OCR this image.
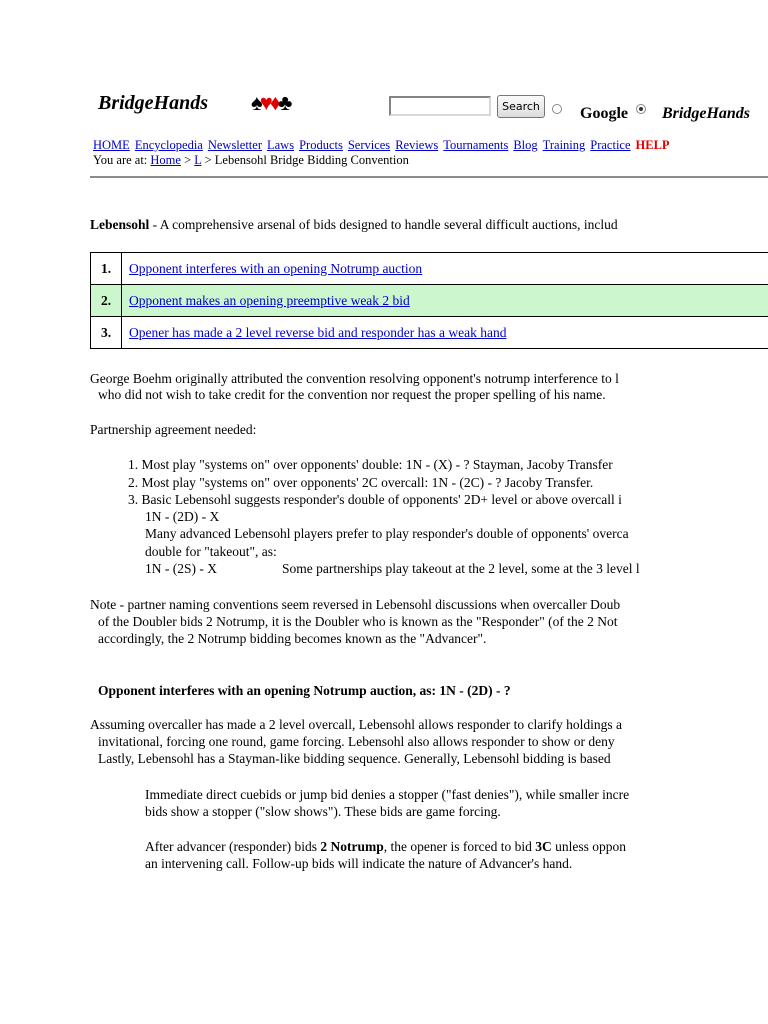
BridgeHands ♠♥♦♣	Search	Google BridgeHands
HOME Encyclopedia Newsletter Laws Products Services Reviews Tournaments Blog Training Practice HELP
You are at: Home > L > Lebensohl Bridge Bidding Convention
Lebensohl - A comprehensive arsenal of bids designed to handle several difficult auctions, includ
1.	Opponent interferes with an opening Notrump auction
2.	Opponent makes an opening preemptive weak 2 bid
3.	Opener has made a 2 level reverse bid and responder has a weak hand
George Boehm originally attributed the convention resolving opponent's notrump interference to l
who did not wish to take credit for the convention nor request the proper spelling of his name.
Partnership agreement needed:
1. Most play "systems on" over opponents' double: 1N - (X) - ? Stayman, Jacoby Transfer
2. Most play "systems on" over opponents' 2C overcall: 1N - (2C) - ? Jacoby Transfer.
3. Basic Lebensohl suggests responder's double of opponents' 2D+ level or above overcall i
1N - (2D) - X
Many advanced Lebensohl players prefer to play responder's double of opponents' overca
double for "takeout", as:
1N - (2S) - X	Some partnerships play takeout at the 2 level, some at the 3 level l
Note - partner naming conventions seem reversed in Lebensohl discussions when overcaller Doub
of the Doubler bids 2 Notrump, it is the Doubler who is known as the "Responder" (of the 2 Not
accordingly, the 2 Notrump bidding becomes known as the "Advancer".
Opponent interferes with an opening Notrump auction, as: 1N - (2D) - ?
Assuming overcaller has made a 2 level overcall, Lebensohl allows responder to clarify holdings a
invitational, forcing one round, game forcing. Lebensohl also allows responder to show or deny
Lastly, Lebensohl has a Stayman-like bidding sequence. Generally, Lebensohl bidding is based
Immediate direct cuebids or jump bid denies a stopper ("fast denies"), while smaller incre
bids show a stopper ("slow shows"). These bids are game forcing.
After advancer (responder) bids 2 Notrump, the opener is forced to bid 3C unless oppon
an intervening call. Follow-up bids will indicate the nature of Advancer's hand.
